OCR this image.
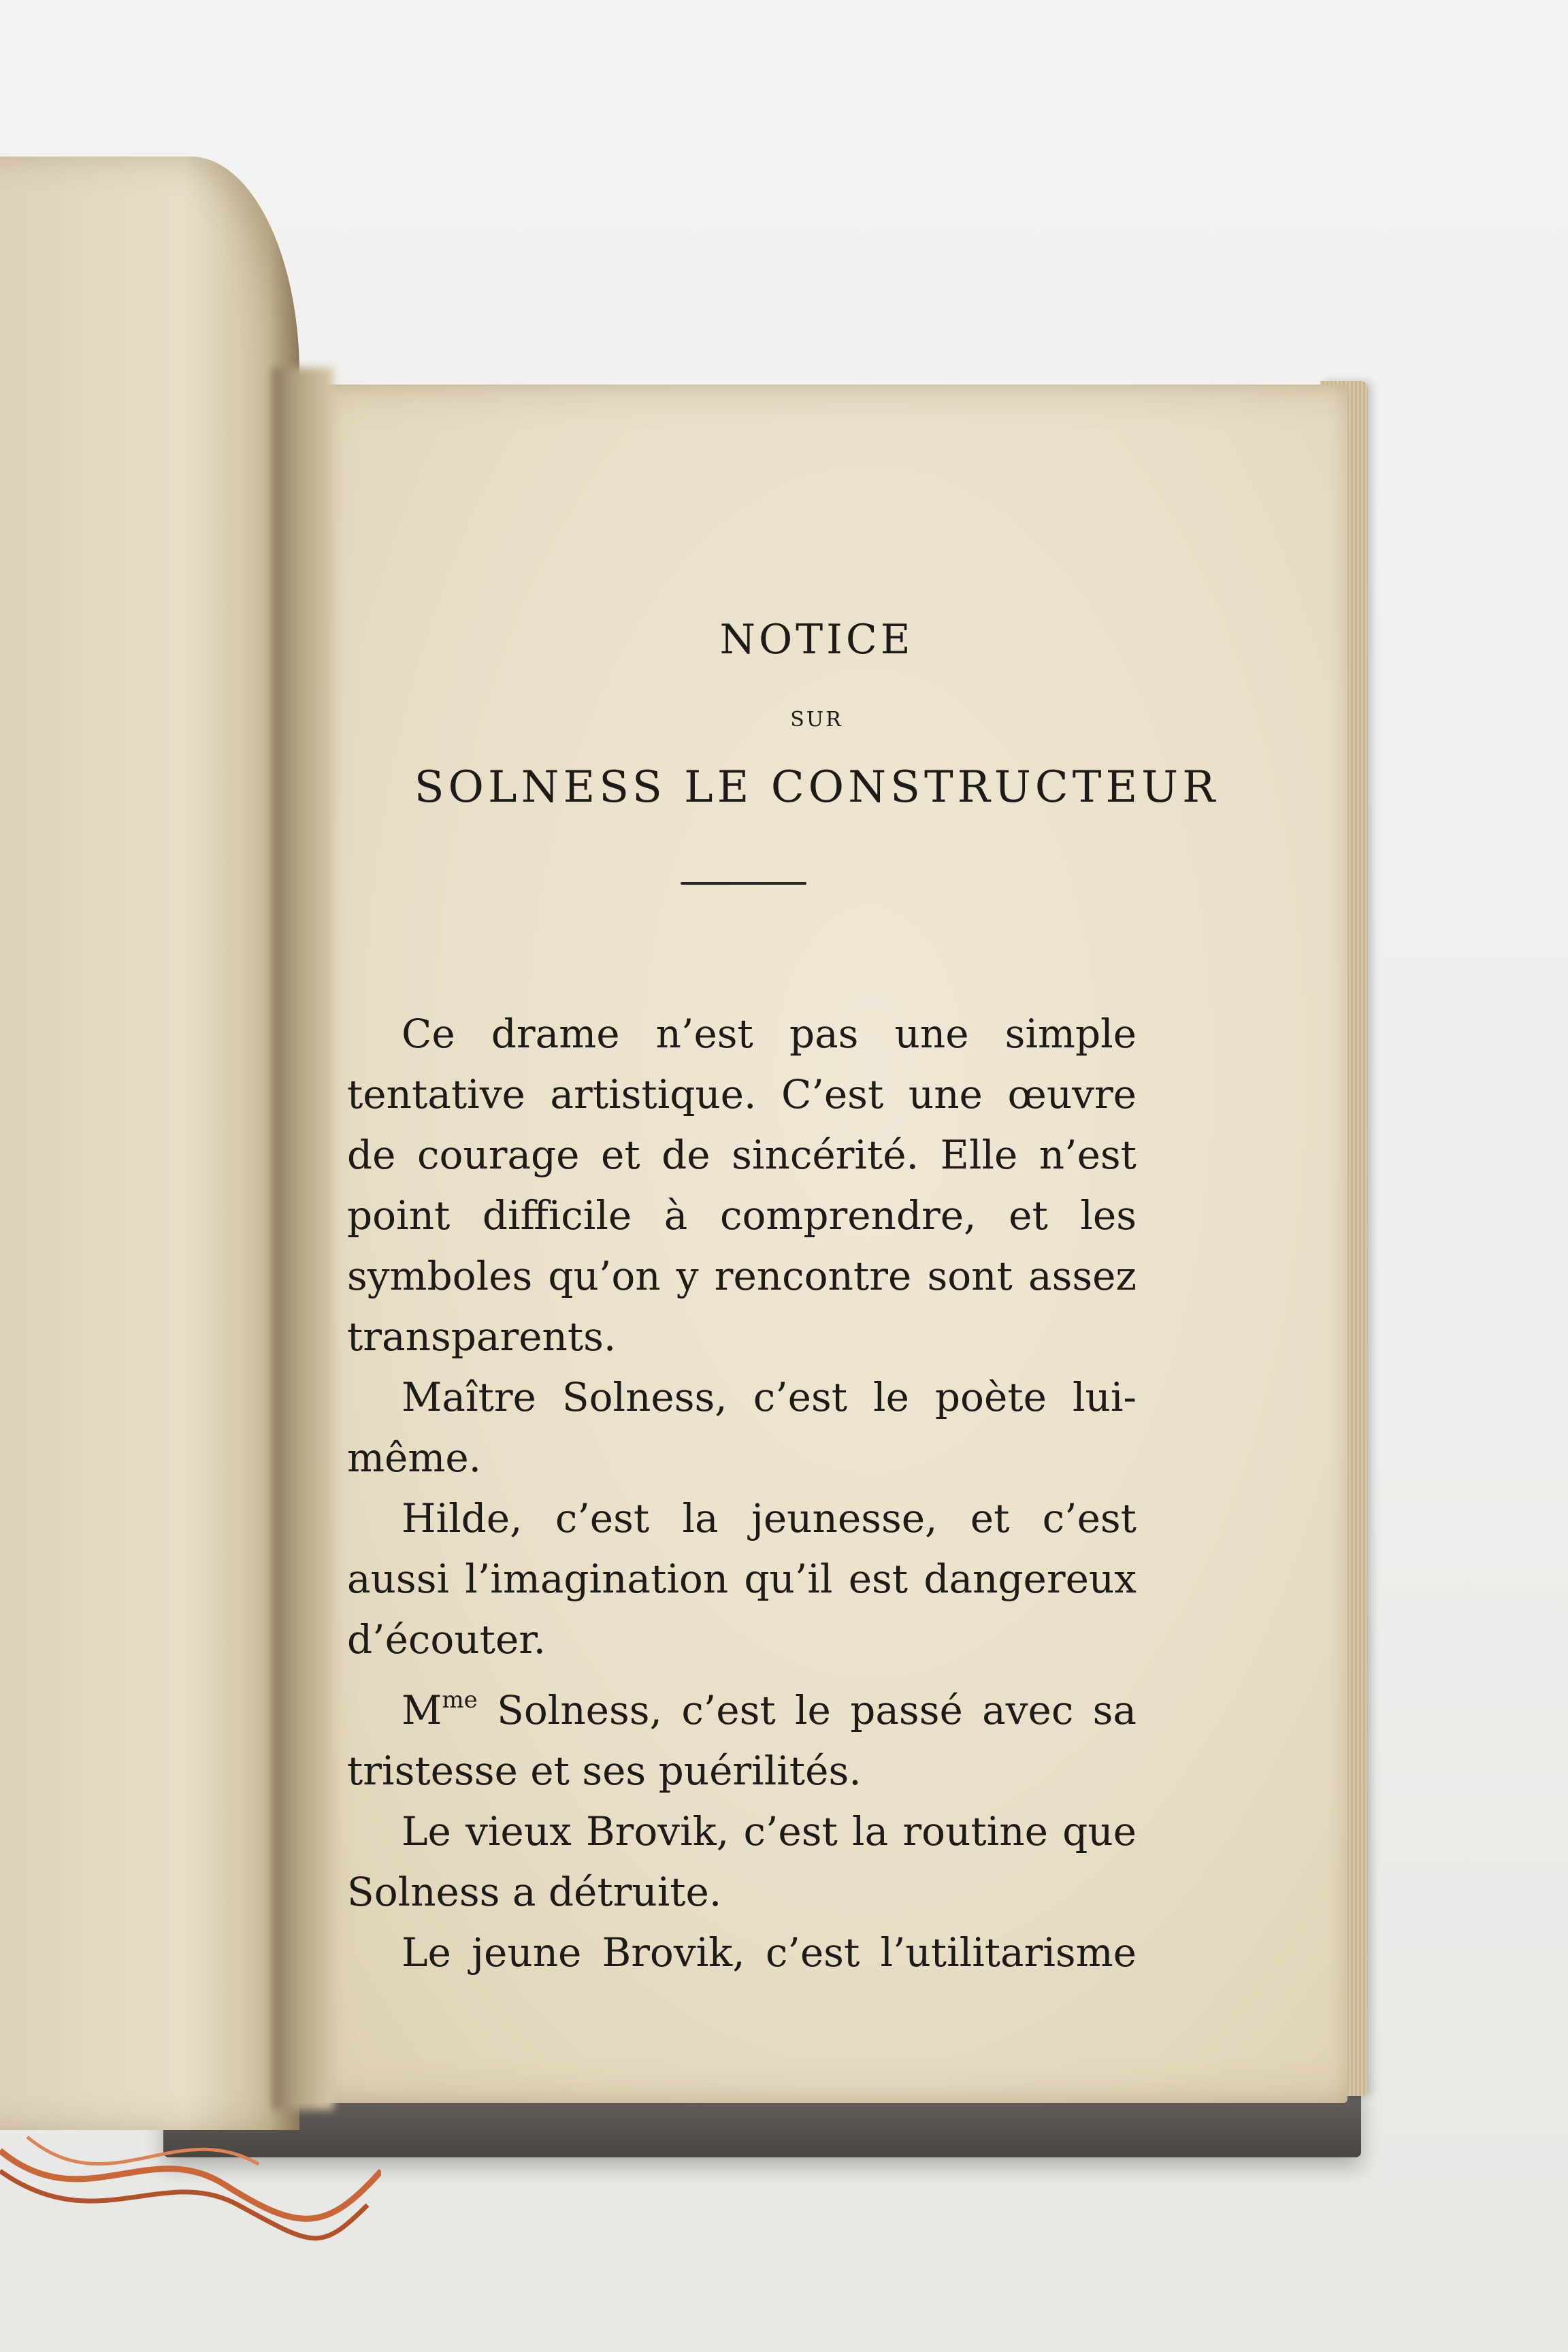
NOTICE
SUR
SOLNESS LE CONSTRUCTEUR

Ce drame n’est pas une simple tentative artistique. C’est une œuvre de courage et de sincérité. Elle n’est point difficile à comprendre, et les symboles qu’on y rencontre sont assez transparents.

Maître Solness, c’est le poète lui-même.

Hilde, c’est la jeunesse, et c’est aussi l’imagination qu’il est dangereux d’écouter.

$M^{me}$ Solness, c’est le passé avec sa tristesse et ses puérilités.

Le vieux Brovik, c’est la routine que Solness a détruite.

Le jeune Brovik, c’est l’utilitarisme
